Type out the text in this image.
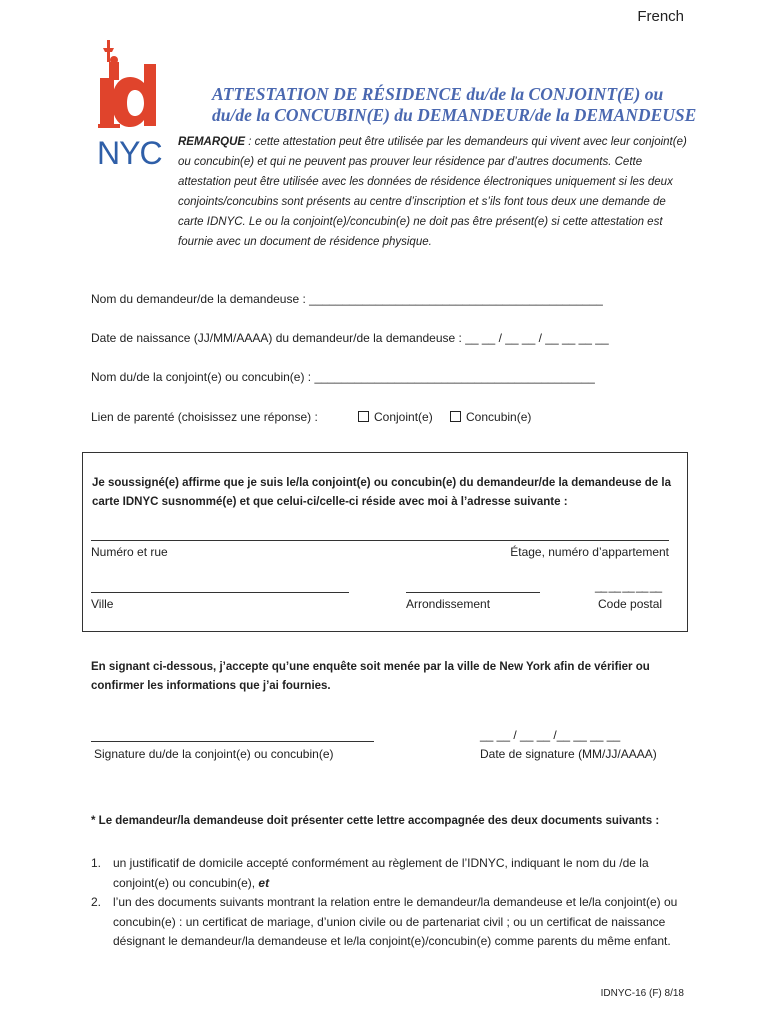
French
NYC
ATTESTATION DE RÉSIDENCE du/de la CONJOINT(E) ou
du/de la CONCUBIN(E) du DEMANDEUR/de la DEMANDEUSE
REMARQUE : cette attestation peut être utilisée par les demandeurs qui vivent avec leur conjoint(e) ou concubin(e) et qui ne peuvent pas prouver leur résidence par d’autres documents. Cette attestation peut être utilisée avec les données de résidence électroniques uniquement si les deux conjoints/concubins sont présents au centre d’inscription et s’ils font tous deux une demande de carte IDNYC. Le ou la conjoint(e)/concubin(e) ne doit pas être présent(e) si cette attestation est fournie avec un document de résidence physique.
Nom du demandeur/de la demandeuse : ____________________________________________
Date de naissance (JJ/MM/AAAA) du demandeur/de la demandeuse : __ __ / __ __ / __ __ __ __
Nom du/de la conjoint(e) ou concubin(e) : __________________________________________
Lien de parenté (choisissez une réponse) :	Conjoint(e)	Concubin(e)
Je soussigné(e) affirme que je suis le/la conjoint(e) ou concubin(e) du demandeur/de la demandeuse de la carte IDNYC susnommé(e) et que celui-ci/celle-ci réside avec moi à l’adresse suivante :
Numéro et rue	Étage, numéro d’appartement
__ __ __ __ __
Ville	Arrondissement	Code postal
En signant ci-dessous, j’accepte qu’une enquête soit menée par la ville de New York afin de vérifier ou confirmer les informations que j’ai fournies.
Signature du/de la conjoint(e) ou concubin(e)
__ __ / __ __ /__ __ __ __
Date de signature (MM/JJ/AAAA)
* Le demandeur/la demandeuse doit présenter cette lettre accompagnée des deux documents suivants :
1. un justificatif de domicile accepté conformément au règlement de l’IDNYC, indiquant le nom du /de la conjoint(e) ou concubin(e), et
2. l’un des documents suivants montrant la relation entre le demandeur/la demandeuse et le/la conjoint(e) ou concubin(e) : un certificat de mariage, d’union civile ou de partenariat civil ; ou un certificat de naissance désignant le demandeur/la demandeuse et le/la conjoint(e)/concubin(e) comme parents du même enfant.
IDNYC-16 (F) 8/18
